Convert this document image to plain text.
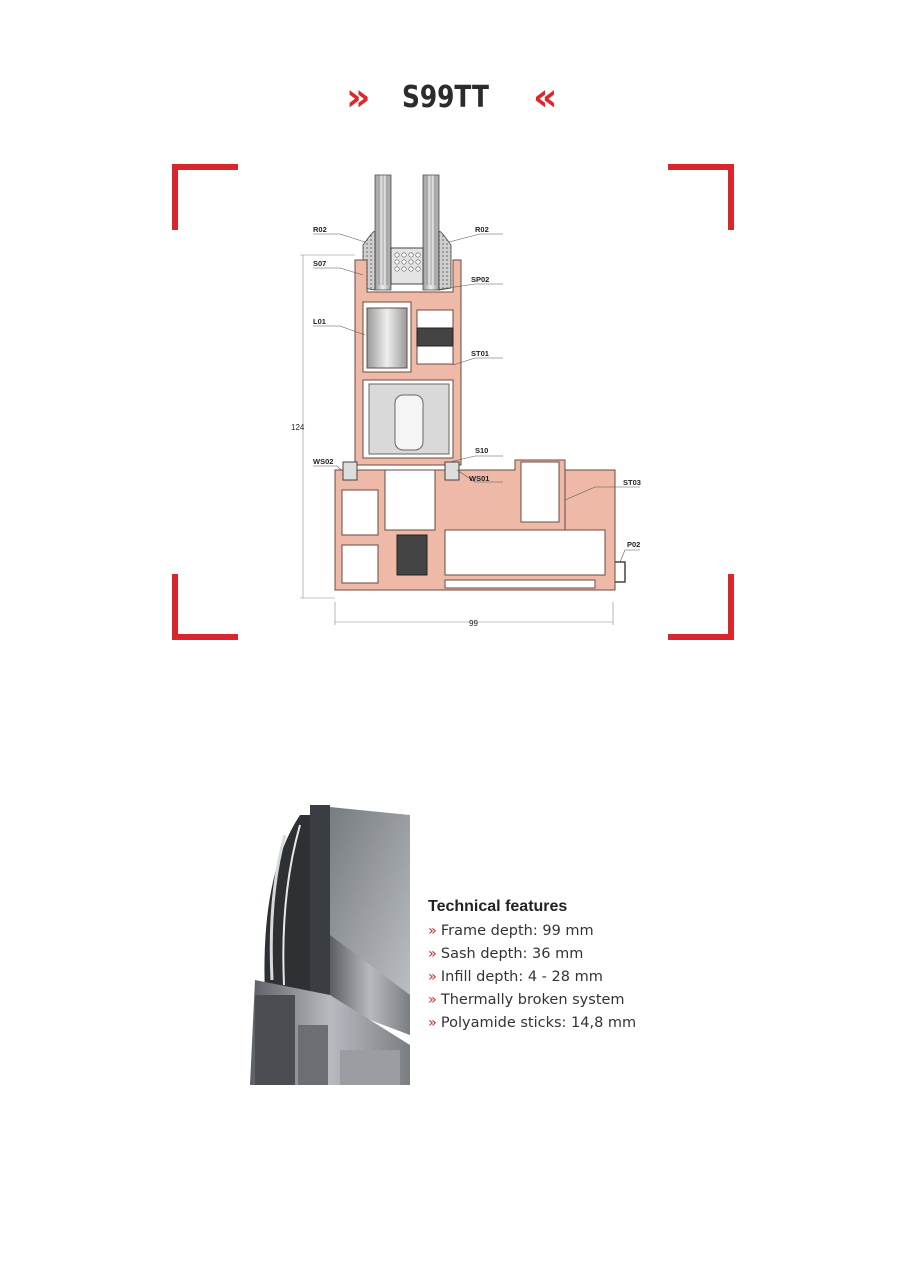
» S99TT «
124
99
R02	R02
S07
SP02
L01
ST01
S10
WS02
WS01	ST03
P02
Technical features
» Frame depth: 99 mm
» Sash depth: 36 mm
» Infill depth: 4 - 28 mm
» Thermally broken system
» Polyamide sticks: 14,8 mm
